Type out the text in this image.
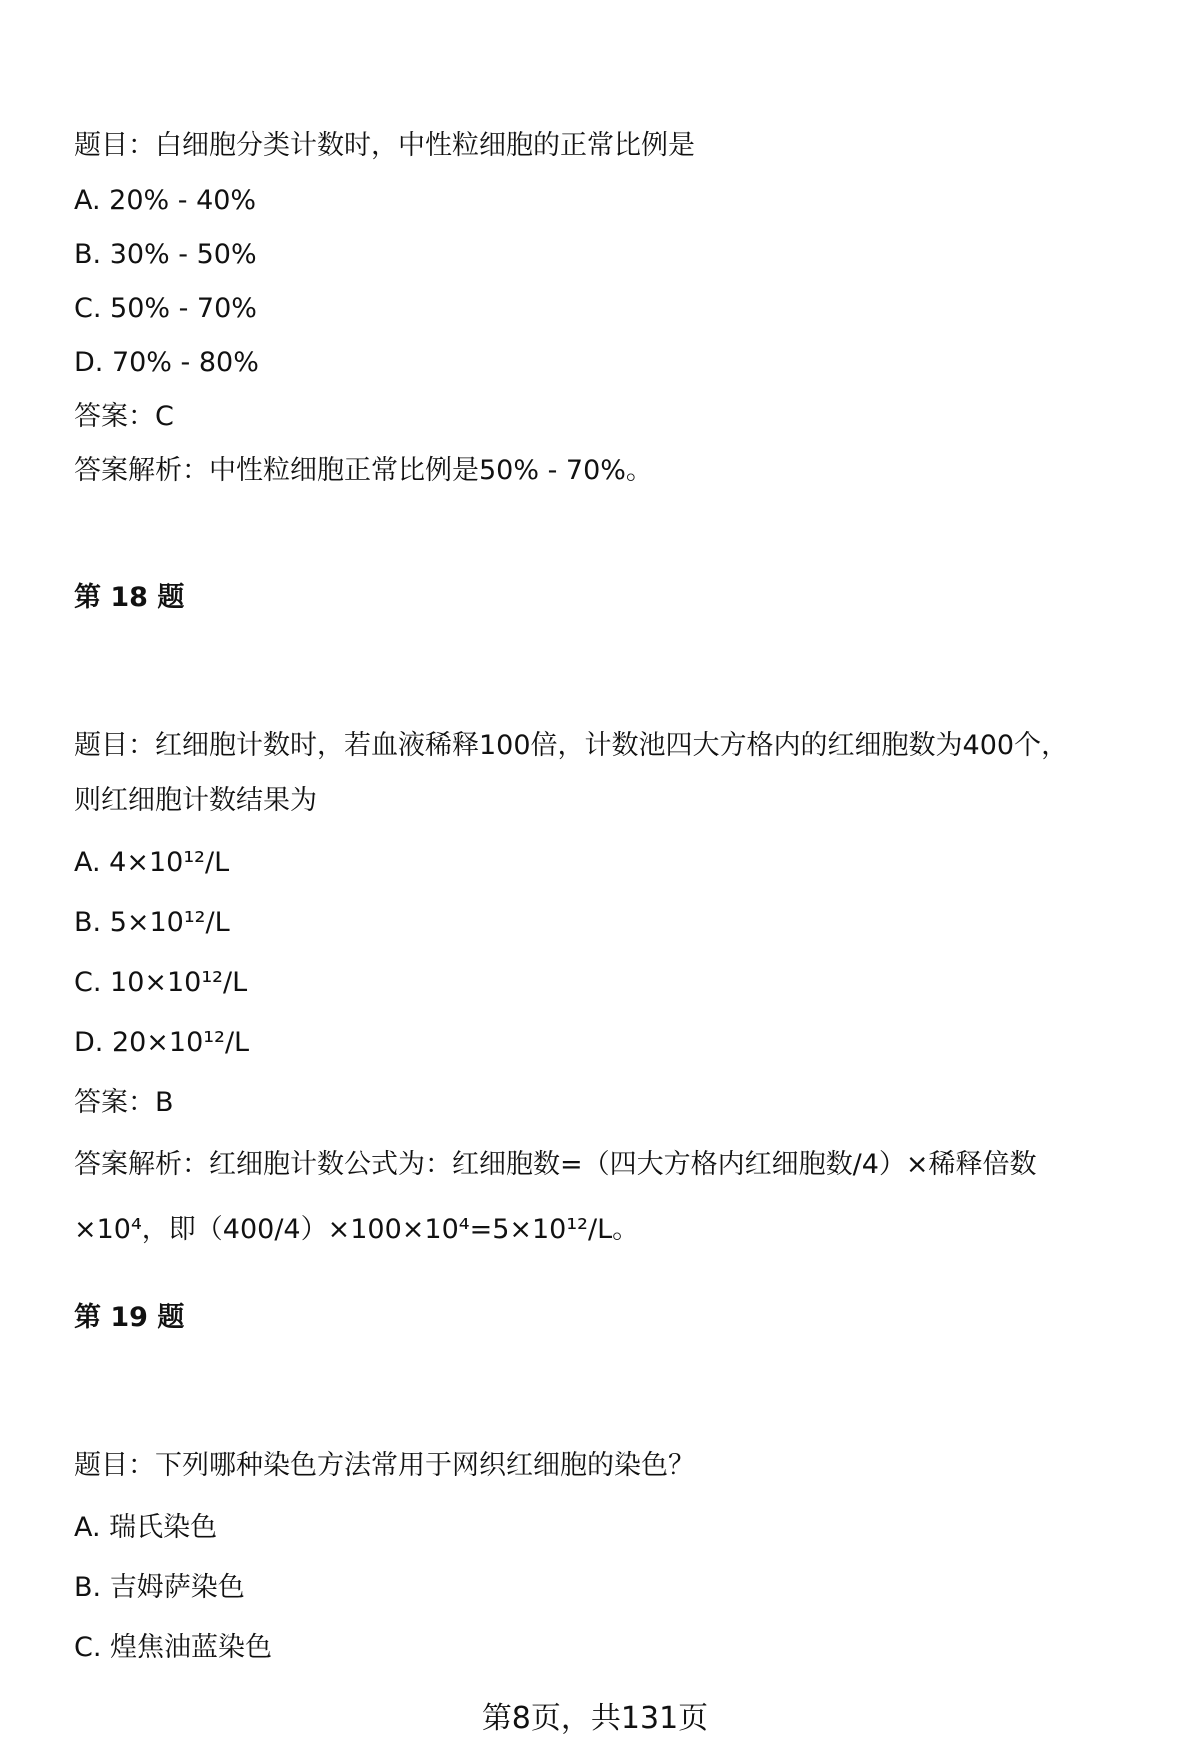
题目：白细胞分类计数时，中性粒细胞的正常比例是
A. 20% - 40%
B. 30% - 50%
C. 50% - 70%
D. 70% - 80%
答案：C
答案解析：中性粒细胞正常比例是50% - 70%。
第 18 题
题目：红细胞计数时，若血液稀释100倍，计数池四大方格内的红细胞数为400个，
则红细胞计数结果为
A. 4×10¹²/L
B. 5×10¹²/L
C. 10×10¹²/L
D. 20×10¹²/L
答案：B
答案解析：红细胞计数公式为：红细胞数=（四大方格内红细胞数/4）×稀释倍数
×10⁴，即（400/4）×100×10⁴=5×10¹²/L。
第 19 题
题目：下列哪种染色方法常用于网织红细胞的染色？
A. 瑞氏染色
B. 吉姆萨染色
C. 煌焦油蓝染色
第8页，共131页
